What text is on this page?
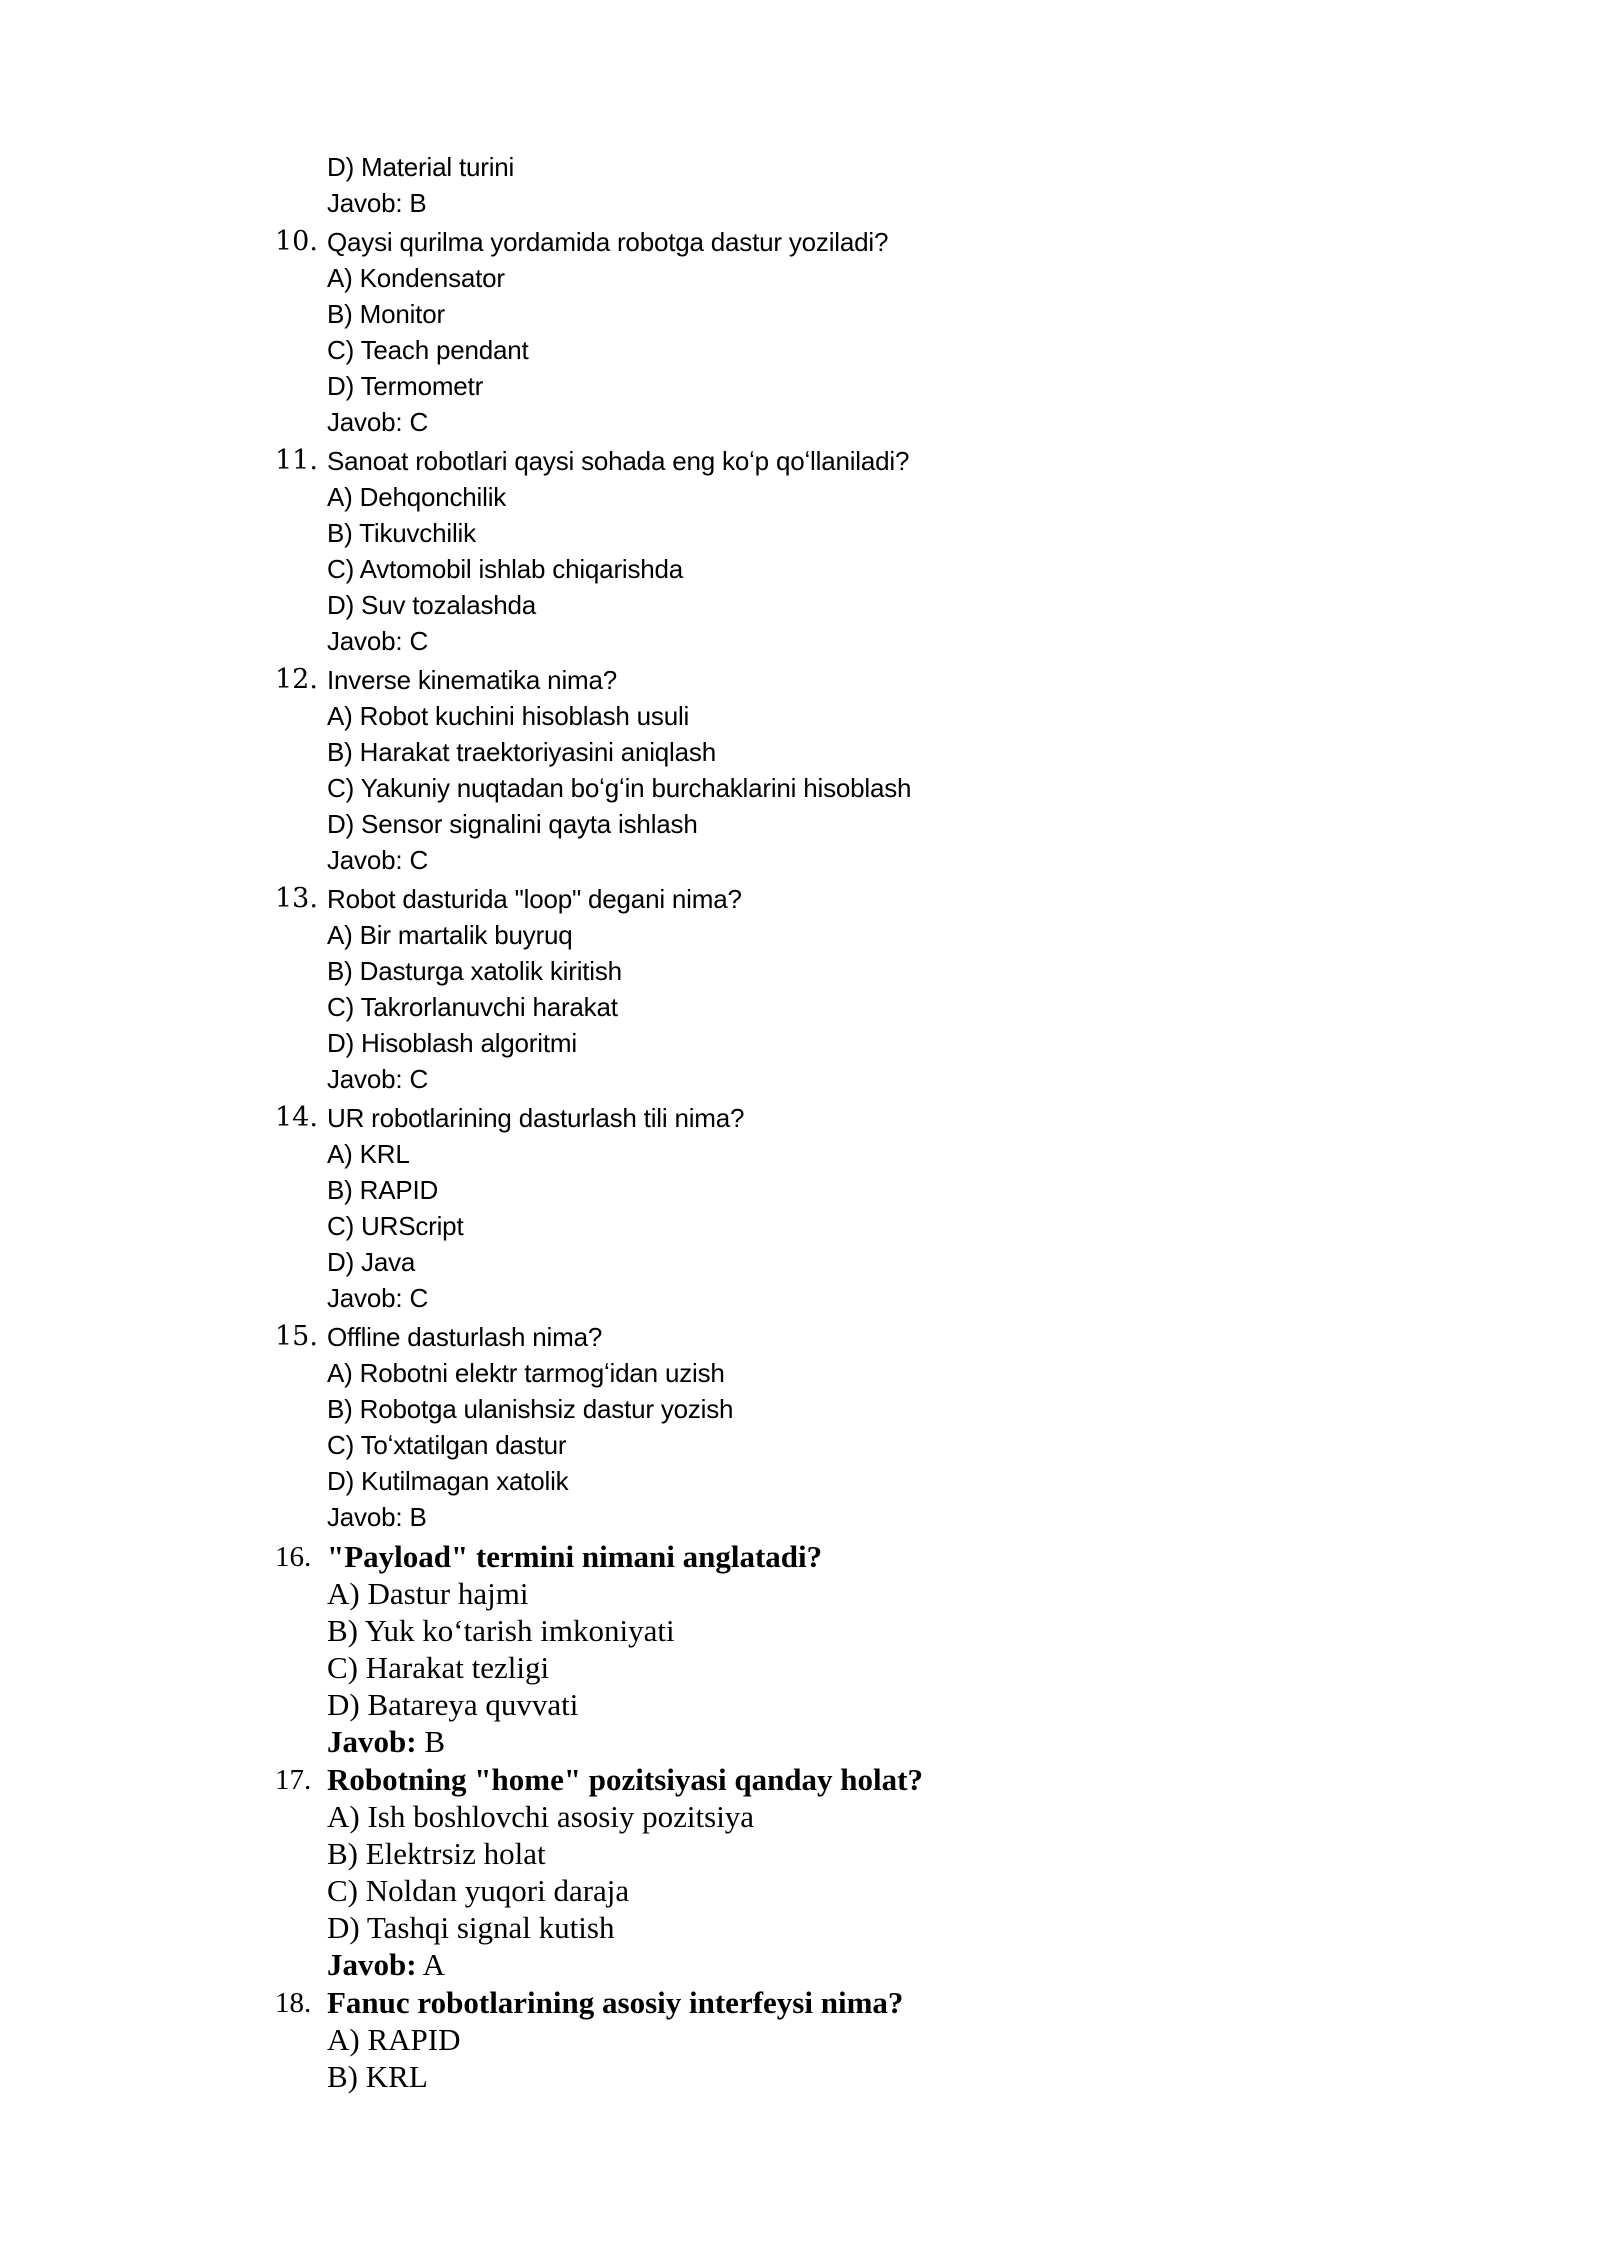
D) Material turini
Javob: B
10. Qaysi qurilma yordamida robotga dastur yoziladi?
A) Kondensator
B) Monitor
C) Teach pendant
D) Termometr
Javob: C
11. Sanoat robotlari qaysi sohada eng koʻp qoʻllaniladi?
A) Dehqonchilik
B) Tikuvchilik
C) Avtomobil ishlab chiqarishda
D) Suv tozalashda
Javob: C
12. Inverse kinematika nima?
A) Robot kuchini hisoblash usuli
B) Harakat traektoriyasini aniqlash
C) Yakuniy nuqtadan boʻgʻin burchaklarini hisoblash
D) Sensor signalini qayta ishlash
Javob: C
13. Robot dasturida "loop" degani nima?
A) Bir martalik buyruq
B) Dasturga xatolik kiritish
C) Takrorlanuvchi harakat
D) Hisoblash algoritmi
Javob: C
14. UR robotlarining dasturlash tili nima?
A) KRL
B) RAPID
C) URScript
D) Java
Javob: C
15. Offline dasturlash nima?
A) Robotni elektr tarmogʻidan uzish
B) Robotga ulanishsiz dastur yozish
C) Toʻxtatilgan dastur
D) Kutilmagan xatolik
Javob: B
16. "Payload" termini nimani anglatadi?
A) Dastur hajmi
B) Yuk koʻtarish imkoniyati
C) Harakat tezligi
D) Batareya quvvati
Javob: B
17. Robotning "home" pozitsiyasi qanday holat?
A) Ish boshlovchi asosiy pozitsiya
B) Elektrsiz holat
C) Noldan yuqori daraja
D) Tashqi signal kutish
Javob: A
18. Fanuc robotlarining asosiy interfeysi nima?
A) RAPID
B) KRL
